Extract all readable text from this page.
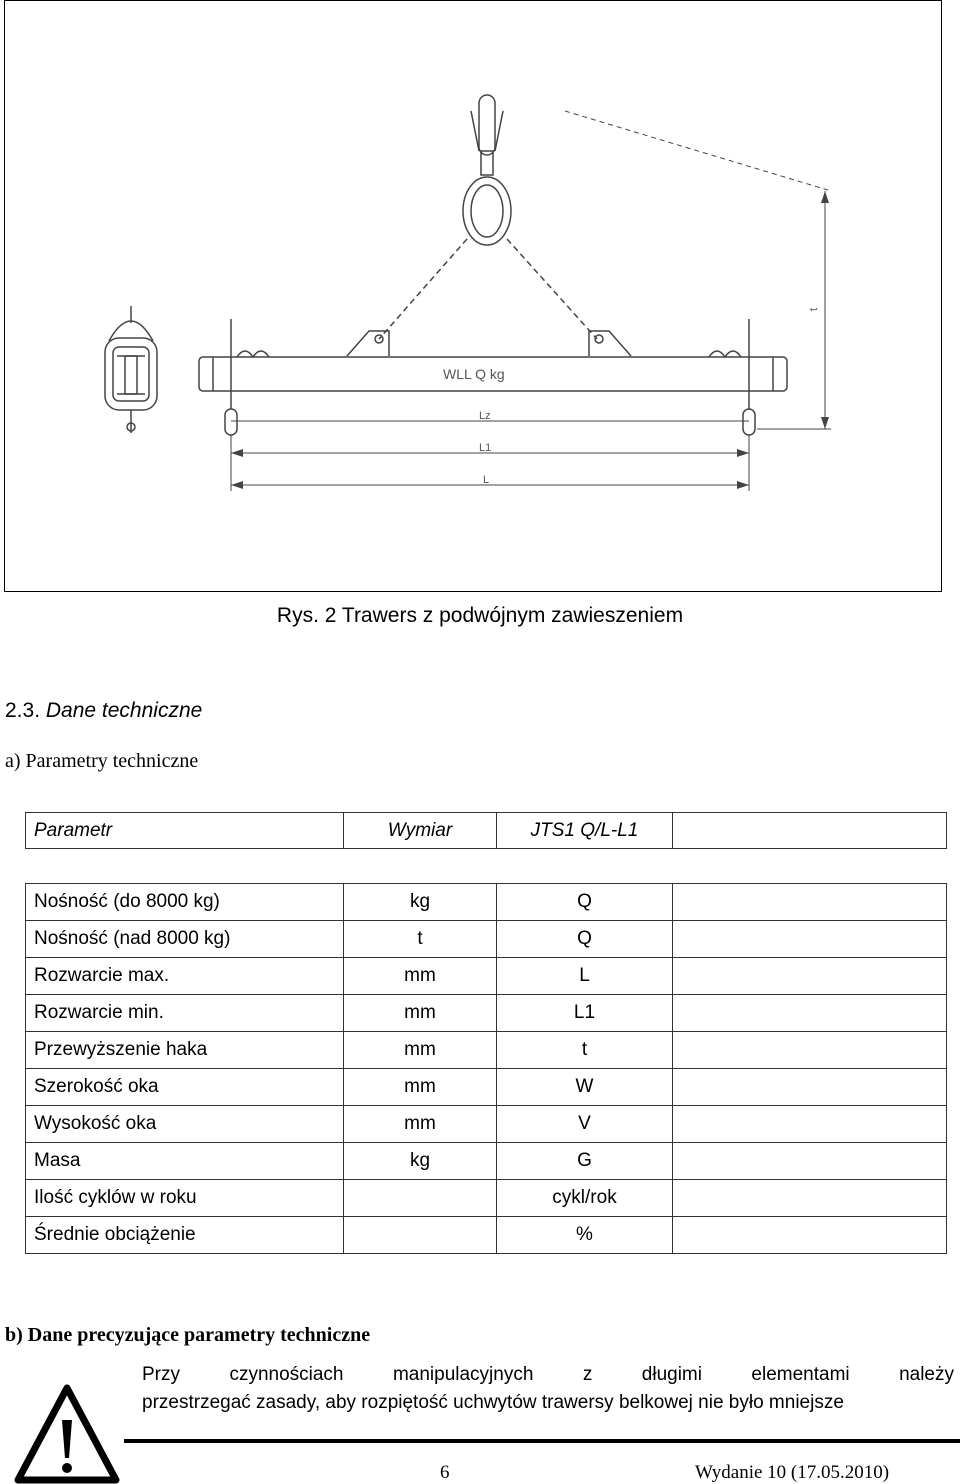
WLL Q kg
Lz
L1
L
t
Rys. 2 Trawers z podwójnym zawieszeniem
2.3. Dane techniczne
a) Parametry techniczne
Parametr	Wymiar	JTS1 Q/L-L1	
Nośność (do 8000 kg)	kg	Q	
Nośność (nad 8000 kg)	t	Q	
Rozwarcie max.	mm	L	
Rozwarcie min.	mm	L1	
Przewyższenie haka	mm	t	
Szerokość oka	mm	W	
Wysokość oka	mm	V	
Masa	kg	G	
Ilość cyklów w roku		cykl/rok	
Średnie obciążenie		%	
b) Dane precyzujące parametry techniczne
Przy czynnościach manipulacyjnych z długimi elementami należy
przestrzegać zasady, aby rozpiętość uchwytów trawersy belkowej nie było mniejsze
6	Wydanie 10 (17.05.2010)
